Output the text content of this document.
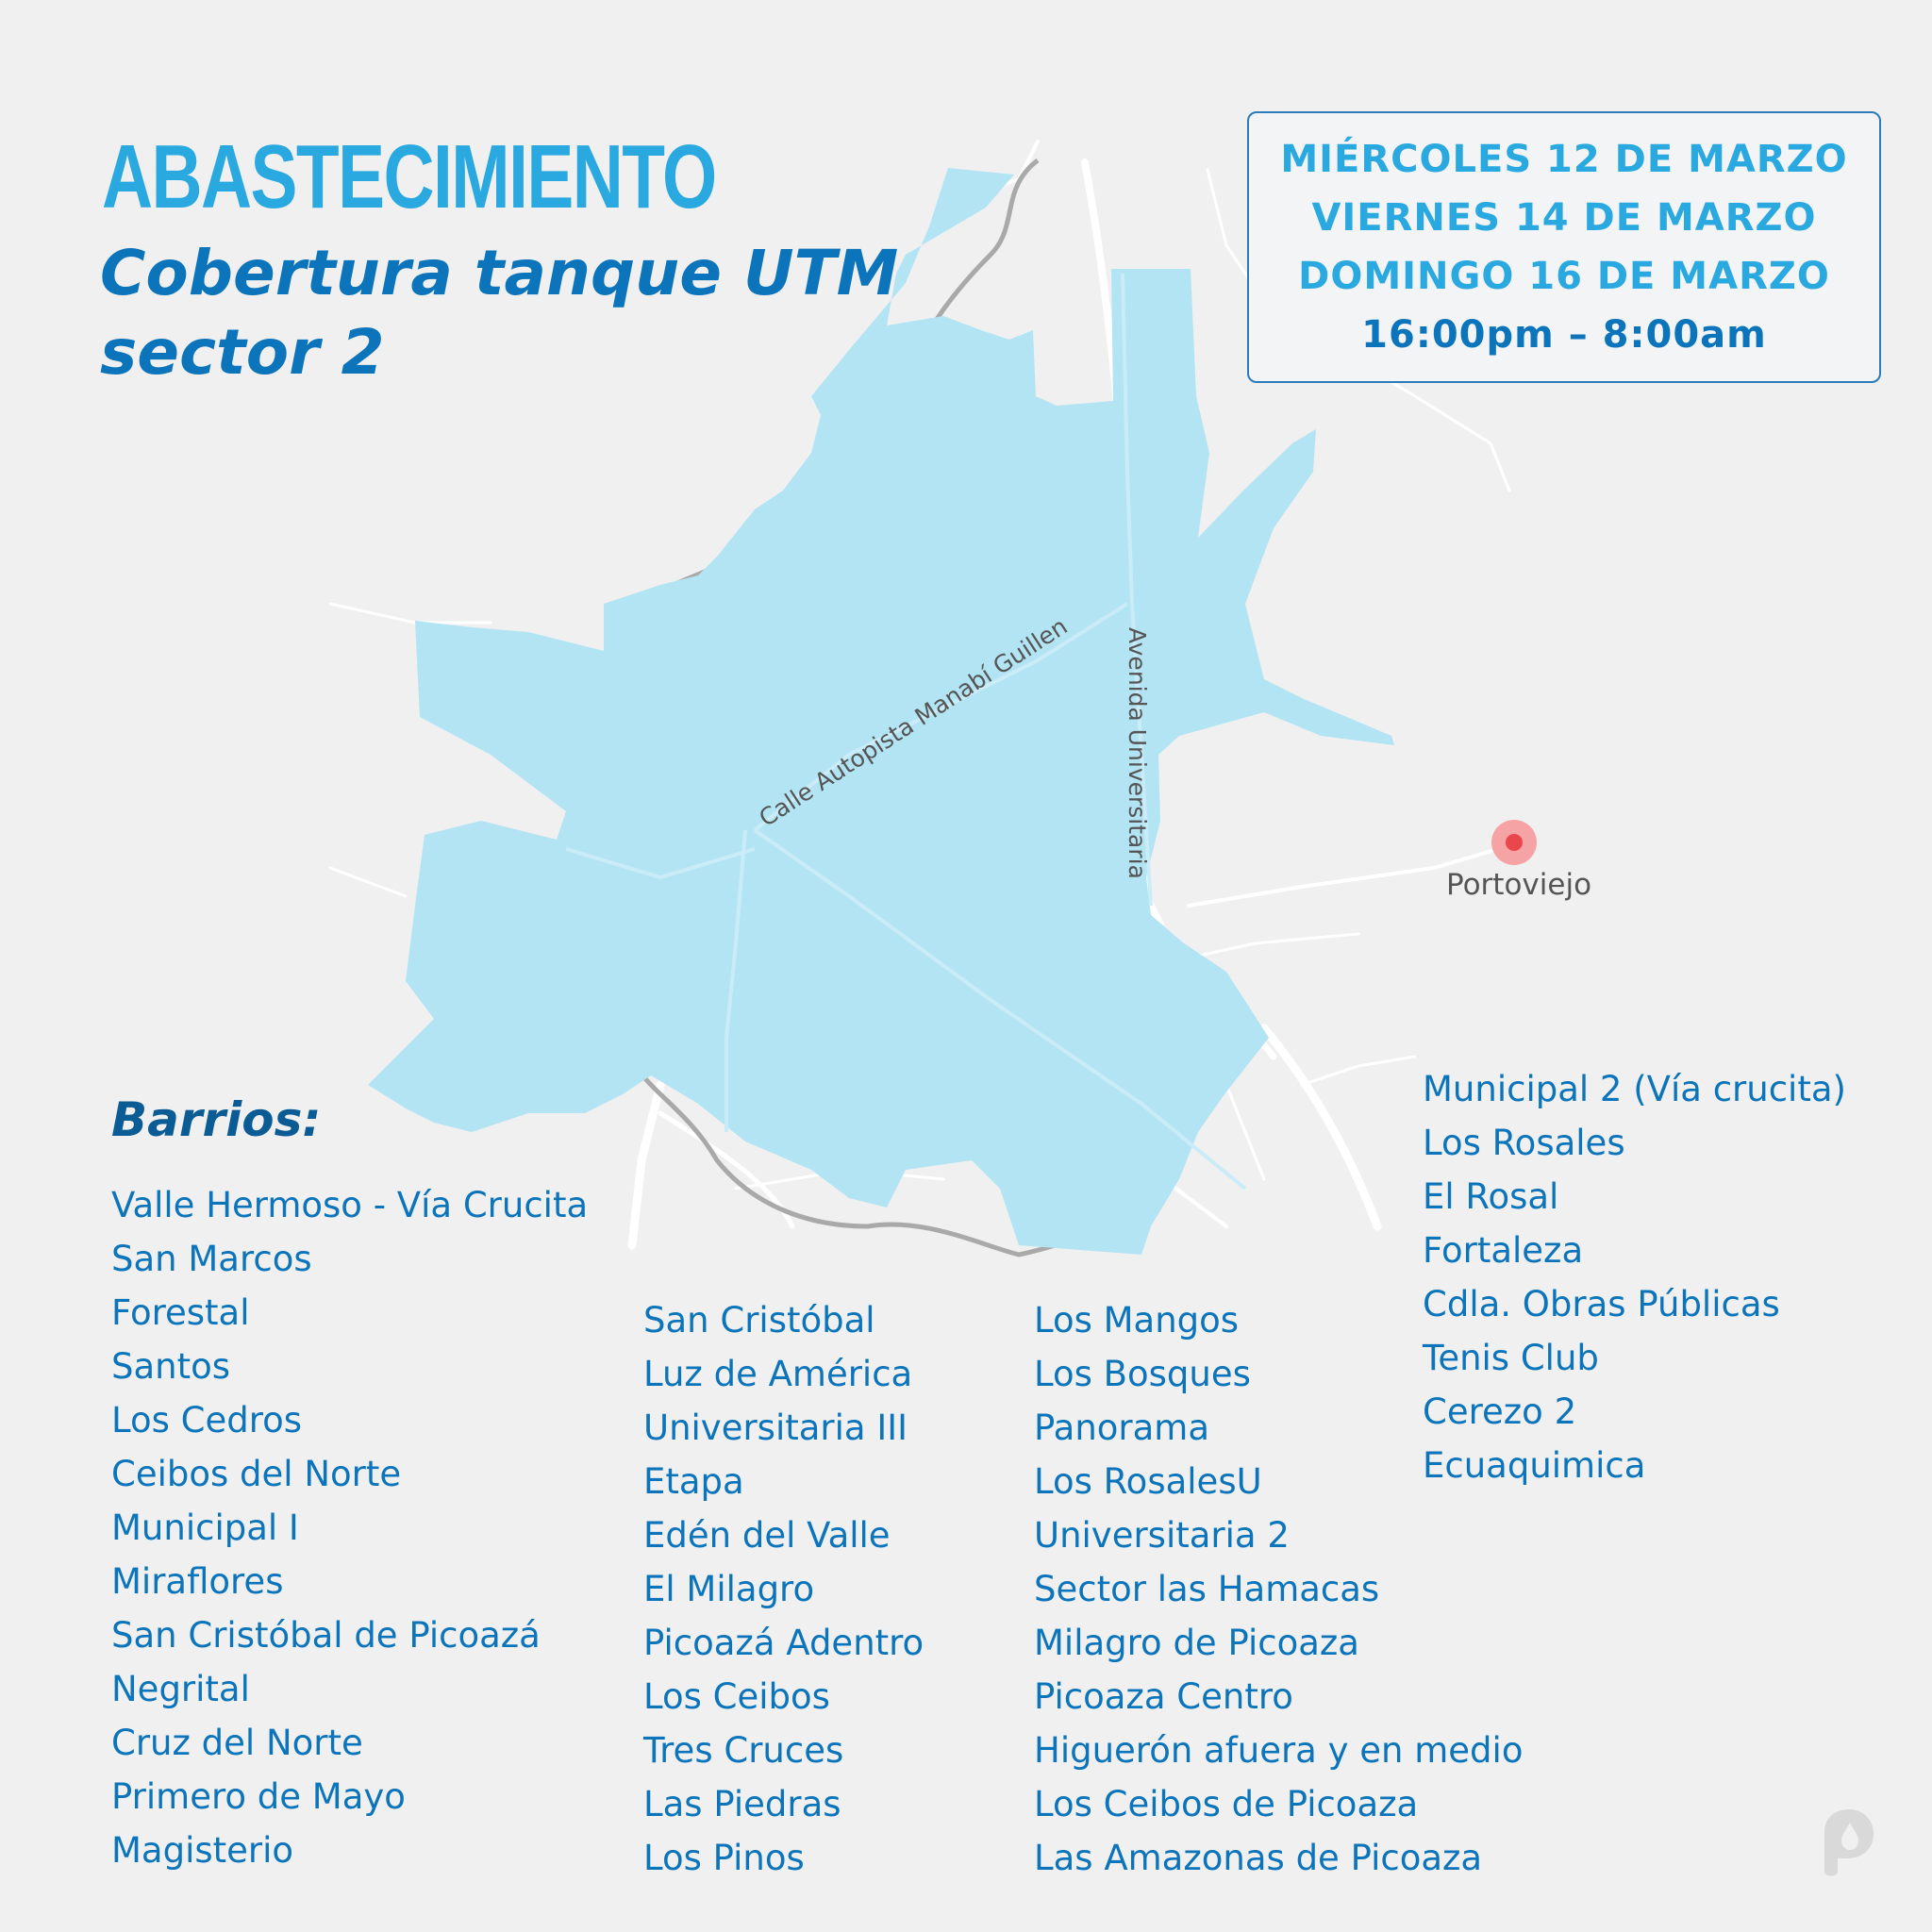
Calle Autopista Manabí Guillen Avenida Universitaria
Portoviejo
ABASTECIMIENTO
Cobertura tanque UTM
sector 2
MIÉRCOLES 12 DE MARZO
VIERNES 14 DE MARZO
DOMINGO 16 DE MARZO
16:00pm – 8:00am
Barrios:
Valle Hermoso - Vía Crucita
San Marcos
Forestal
Santos
Los Cedros
Ceibos del Norte
Municipal I
Miraflores
San Cristóbal de Picoazá
Negrital
Cruz del Norte
Primero de Mayo
Magisterio
San Cristóbal
Luz de América
Universitaria III
Etapa
Edén del Valle
El Milagro
Picoazá Adentro
Los Ceibos
Tres Cruces
Las Piedras
Los Pinos
Los Mangos
Los Bosques
Panorama
Los RosalesU
Universitaria 2
Sector las Hamacas
Milagro de Picoaza
Picoaza Centro
Higuerón afuera y en medio
Los Ceibos de Picoaza
Las Amazonas de Picoaza
Municipal 2 (Vía crucita)
Los Rosales
El Rosal
Fortaleza
Cdla. Obras Públicas
Tenis Club
Cerezo 2
Ecuaquimica
